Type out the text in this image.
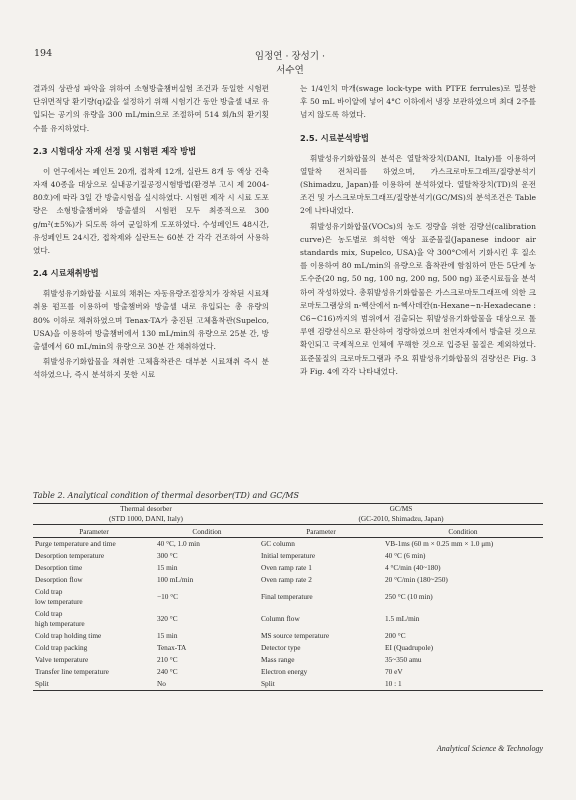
194	임정연 · 장성기 · 서수연

결과의 상관성 파악을 위하여 소형방출챔버실험 조건과 동일한 시험편 단위면적당 환기량(q)값을 설정하기 위해 시험기간 동안 방출셀 내로 유입되는 공기의 유량을 300 mL/min으로 조절하여 514 회/h의 환기횟수를 유지하였다.

2.3 시험대상 자재 선정 및 시험편 제작 방법

이 연구에서는 페인트 20개, 접착제 12개, 실란트 8개 등 액상 건축자재 40종을 대상으로 실내공기질공정시험방법(환경부 고시 제 2004-80호)에 따라 3일 간 방출시험을 실시하였다. 시험편 제작 시 시료 도포량은 소형방출챔버와 방출셀의 시험편 모두 최종적으로 300 g/m²(±5%)가 되도록 하여 균일하게 도포하였다. 수성페인트 48시간, 유성페인트 24시간, 접착제와 실란트는 60분 간 각각 건조하여 사용하였다.

2.4 시료채취방법

휘발성유기화합물 시료의 채취는 자동유량조절장치가 장착된 시료채취용 펌프를 이용하여 방출챔버와 방출셀 내로 유입되는 총 유량의 80% 이하로 채취하였으며 Tenax-TA가 충진된 고체흡착관(Supelco, USA)을 이용하여 방출챔버에서 130 mL/min의 유량으로 25분 간, 방출셀에서 60 mL/min의 유량으로 30분 간 채취하였다.

휘발성유기화합물을 채취한 고체흡착관은 대부분 시료채취 즉시 분석하였으나, 즉시 분석하지 못한 시료

는 1/4인치 마개(swage lock-type with PTFE ferrules)로 밀봉한 후 50 mL 바이알에 넣어 4°C 이하에서 냉장 보관하였으며 최대 2주를 넘지 않도록 하였다.

2.5. 시료분석방법

휘발성유기화합물의 분석은 열탈착장치(DANI, Italy)를 이용하여 열탈착 전처리를 하였으며, 가스크로마토그래프/질량분석기(Shimadzu, Japan)를 이용하여 분석하였다. 열탈착장치(TD)의 운전조건 및 가스크로마토그래프/질량분석기(GC/MS)의 분석조건은 Table 2에 나타내었다.

휘발성유기화합물(VOCs)의 농도 정량을 위한 검량선(calibration curve)은 농도별로 희석한 액상 표준물질(Japanese indoor air standards mix, Supelco, USA)을 약 300°C에서 기화시킨 후 질소를 이용하여 80 mL/min의 유량으로 흡착관에 함침하여 만든 5단계 농도수준(20 ng, 50 ng, 100 ng, 200 ng, 500 ng) 표준시료들을 분석하여 작성하였다. 총휘발성유기화합물은 가스크로마토그래프에 의한 크로마토그램상의 n-헥산에서 n-헥사데칸(n-Hexane~n-Hexadecane : C6~C16)까지의 범위에서 검출되는 휘발성유기화합물을 대상으로 톨루엔 검량선식으로 환산하여 정량하였으며 천연자재에서 방출된 것으로 확인되고 국제적으로 인체에 무해한 것으로 입증된 물질은 제외하였다. 표준물질의 크로마토그램과 주요 휘발성유기화합물의 검량선은 Fig. 3과 Fig. 4에 각각 나타내었다.

Table 2. Analytical condition of thermal desorber(TD) and GC/MS
Thermal desorber		GC/MS	
(STD 1000, DANI, Italy)		(GC-2010, Shimadzu, Japan)	
Parameter	Condition	Parameter	Condition
Purge temperature and time	40 °C, 1.0 min	GC column	VB-1ms (60 m × 0.25 mm × 1.0 μm)
Desorption temperature	300 °C	Initial temperature	40 °C (6 min)
Desorption time	15 min	Oven ramp rate 1	4 °C/min (40~180)
Desorption flow	100 mL/min	Oven ramp rate 2	20 °C/min (180~250)
Cold trap
low temperature	−10 °C	Final temperature	250 °C (10 min)
Cold trap
high temperature	320 °C	Column flow	1.5 mL/min
Cold trap holding time	15 min	MS source temperature	200 °C
Cold trap packing	Tenax-TA	Detector type	EI (Quadrupole)
Valve temperature	210 °C	Mass range	35~350 amu
Transfer line temperature	240 °C	Electron energy	70 eV
Split	No	Split	10 : 1
Analytical Science & Technology
